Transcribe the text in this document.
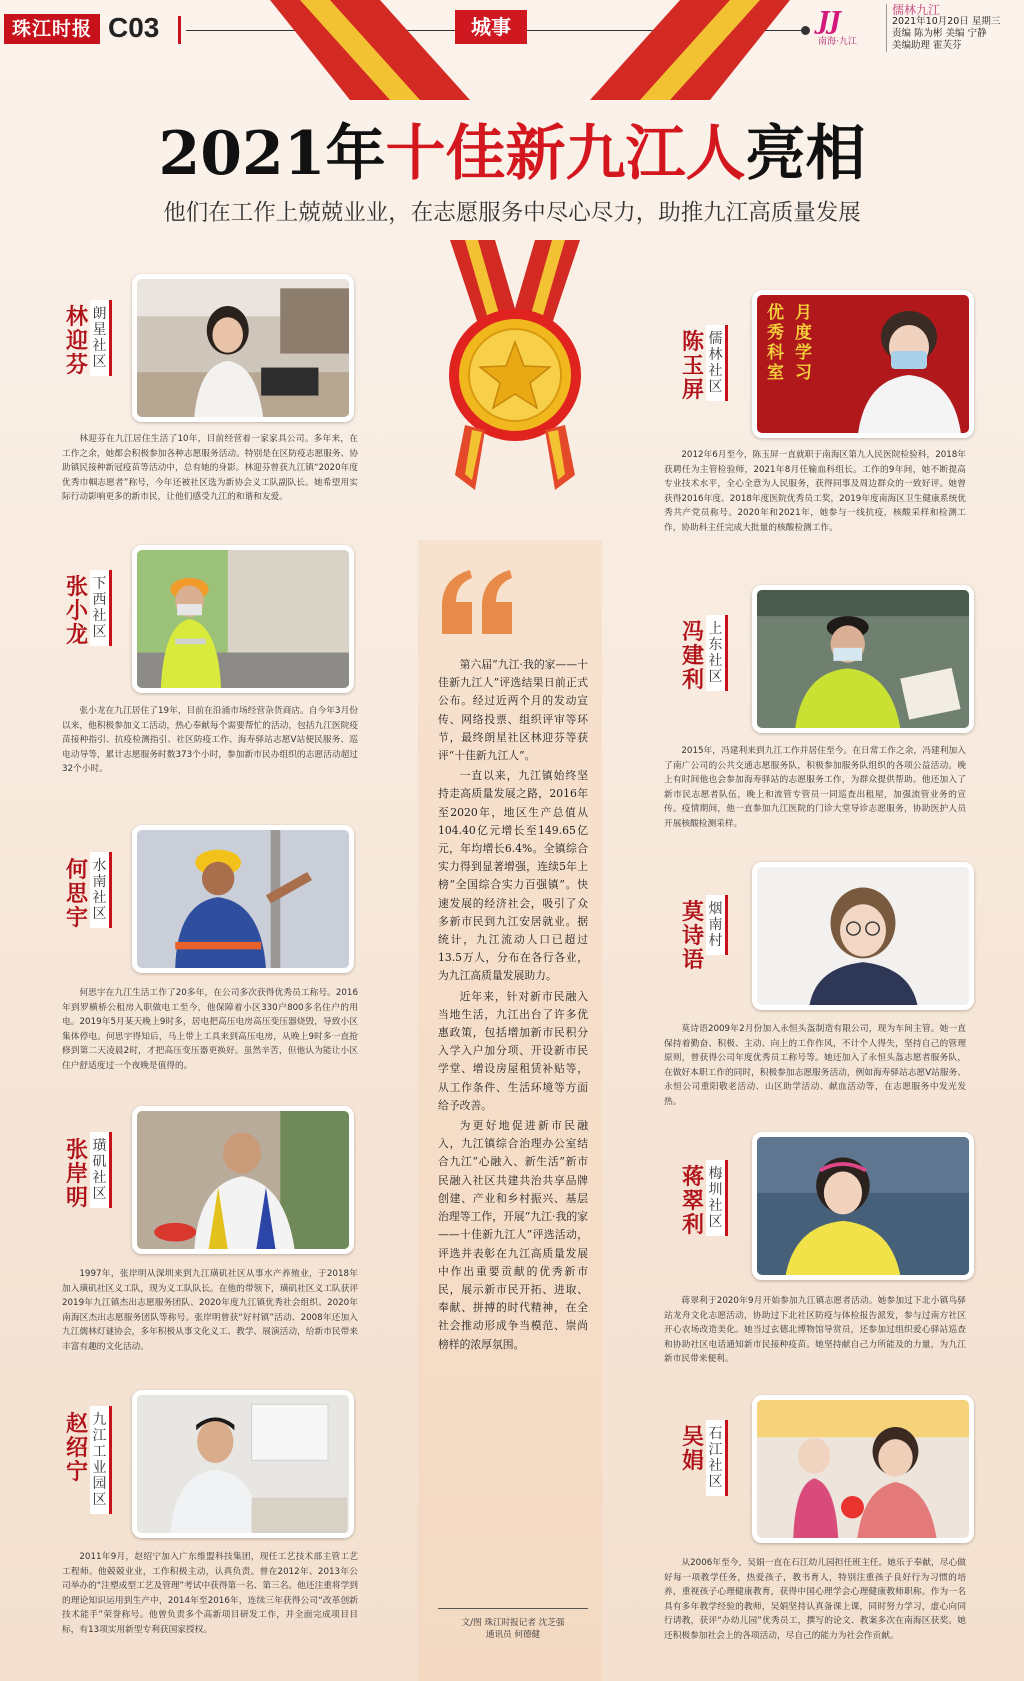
珠江时报 C03	JJ
南海·九江
儒林九江
2021年10月20日 星期三
责编 陈为彬 美编 宁静
美编助理 霍芙芬
城事
2021年十佳新九江人亮相
他们在工作上兢兢业业，在志愿服务中尽心尽力，助推九江高质量发展

第六届“九江·我的家——十佳新九江人”评选结果日前正式公布。经过近两个月的发动宣传、网络投票、组织评审等环节，最终朗星社区林迎芬等获评“十佳新九江人”。

一直以来，九江镇始终坚持走高质量发展之路，2016年至2020年，地区生产总值从104.40亿元增长至149.65亿元，年均增长6.4%。全镇综合实力得到显著增强，连续5年上榜“全国综合实力百强镇”。快速发展的经济社会，吸引了众多新市民到九江安居就业。据统计，九江流动人口已超过13.5万人，分布在各行各业，为九江高质量发展助力。

近年来，针对新市民融入当地生活，九江出台了许多优惠政策，包括增加新市民积分入学入户加分项、开设新市民学堂、增设房屋租赁补贴等，从工作条件、生活环境等方面给予改善。

为更好地促进新市民融入，九江镇综合治理办公室结合九江“心融入、新生活”新市民融入社区共建共治共享品牌创建、产业和乡村振兴、基层治理等工作，开展“九江·我的家——十佳新九江人”评选活动，评选并表彰在九江高质量发展中作出重要贡献的优秀新市民，展示新市民开拓、进取、奉献、拼搏的时代精神，在全社会推动形成争当模范、崇尚榜样的浓厚氛围。

文/图 珠江时报记者 沈芝强
通讯员 何德健
林迎芬
朗星社区
林迎芬在九江居住生活了10年，目前经营着一家家具公司。多年来，在工作之余，她都会积极参加各种志愿服务活动。特别是在区防疫志愿服务、协助镇民接种新冠疫苗等活动中，总有她的身影。林迎芬曾获九江镇“2020年度优秀巾帼志愿者”称号，今年还被社区选为新协会义工队副队长。她希望用实际行动影响更多的新市民，让他们感受九江的和谐和友爱。
张小龙
下西社区
张小龙在九江居住了19年，目前在沿涌市场经营杂货商店。自今年3月份以来，他积极参加义工活动，热心奉献每个需要帮忙的活动，包括九江医院疫苗接种指引、抗疫检测指引、社区防疫工作、海寿驿站志愿V站便民服务、巡电动导等，累计志愿服务时数373个小时，参加新市民办组织的志愿活动超过32个小时。
何思宇
水南社区
何思宇在九江生活工作了20多年，在公司多次获得优秀员工称号。2016年到罗横桥公租房入职做电工至今，他保障着小区330户800多名住户的用电。2019年5月某天晚上9时多，居电把高压电房高压变压器烧毁，导致小区集体停电。何思宇得知后，马上带上工具来到高压电房，从晚上9时多一直抢修到第二天凌晨2时，才把高压变压器更换好。虽然辛苦，但他认为能让小区住户舒适度过一个夜晚是值得的。
张岸明
璜矶社区
1997年，张岸明从深圳来到九江璜矶社区从事水产养殖业，于2018年加入璜矶社区义工队，现为义工队队长。在他的带领下，璜矶社区义工队获评2019年九江镇杰出志愿服务团队、2020年度九江镇优秀社会组织、2020年南海区杰出志愿服务团队等称号。张岸明曾获“好村镇”活动、2008年还加入九江儒林灯谜协会，多年积极从事文化义工、教学、展演活动，给新市民带来丰富有趣的文化活动。
赵绍宁
九江工业园区
2011年9月，赵绍宁加入广东维盟科技集团，现任工艺技术部主管工艺工程师。他兢兢业业，工作积极主动，认真负责。曾在2012年、2013年公司举办的“注塑成型工艺及管理”考试中获得第一名、第三名。他还注重将学到的理论知识运用到生产中，2014年至2016年，连续三年获得公司“改革创新技术能手”荣誉称号。他曾负责多个高新项目研发工作，并全面完成项目目标，有13项实用新型专利获国家授权。
陈玉屏
儒林社区
优秀科室
月度学习
2012年6月至今，陈玉屏一直就职于南海区第九人民医院检验科，2018年获聘任为主管检验师，2021年8月任输血科组长。工作的9年间，她不断提高专业技术水平，全心全意为人民服务，获得同事及周边群众的一致好评。她曾获得2016年度、2018年度医院优秀员工奖，2019年度南海区卫生健康系统优秀共产党员称号。2020年和2021年，她参与一线抗疫，核酸采样和检测工作，协助科主任完成大批量的核酸检测工作。
冯建利
上东社区
2015年，冯建利来到九江工作并居住至今。在日常工作之余，冯建利加入了南广公司的公共交通志愿服务队，积极参加服务队组织的各项公益活动。晚上有时间他也会参加海寿驿站的志愿服务工作，为群众提供帮助。他还加入了新市民志愿者队伍，晚上和流管专管员一同巡查出租屋，加强流管业务的宣传。疫情期间，他一直参加九江医院的门诊大堂导诊志愿服务，协助医护人员开展核酸检测采样。
莫诗语
烟南村
莫诗语2009年2月份加入永恒头盔制造有限公司，现为车间主管。她一直保持着勤奋、积极、主动、向上的工作作风，不计个人得失，坚持自己的管理原则，曾获得公司年度优秀员工称号等。她还加入了永恒头盔志愿者服务队，在做好本职工作的同时，积极参加志愿服务活动，例如海寿驿站志愿V站服务、永恒公司重阳敬老活动、山区助学活动、献血活动等，在志愿服务中发光发热。
蒋翠利
梅圳社区
蒋翠利于2020年9月开始参加九江镇志愿者活动。她参加过下北小镇鸟驿站龙舟文化志愿活动，协助过下北社区防疫与体检报告派发，参与过南方社区开心农场改造美化。她当过玄德北博物馆导赏员，还参加过组织爱心驿站巡查和协助社区电话通知新市民接种疫苗。她坚持献自己力所能及的力量，为九江新市民带来便利。
吴娟
石江社区
从2006年至今，吴娟一直在石江幼儿园担任班主任。她乐于奉献，尽心做好每一项教学任务，热爱孩子，教书育人，特别注重孩子良好行为习惯的培养，重视孩子心理健康教育，获得中国心理学会心理健康教师职称。作为一名具有多年教学经验的教师，吴娟坚持认真备课上课，同时努力学习，虚心向同行请教，获评“办幼儿园”优秀员工，撰写的论文、教案多次在南海区获奖。她还积极参加社会上的各项活动，尽自己的能力为社会作贡献。
